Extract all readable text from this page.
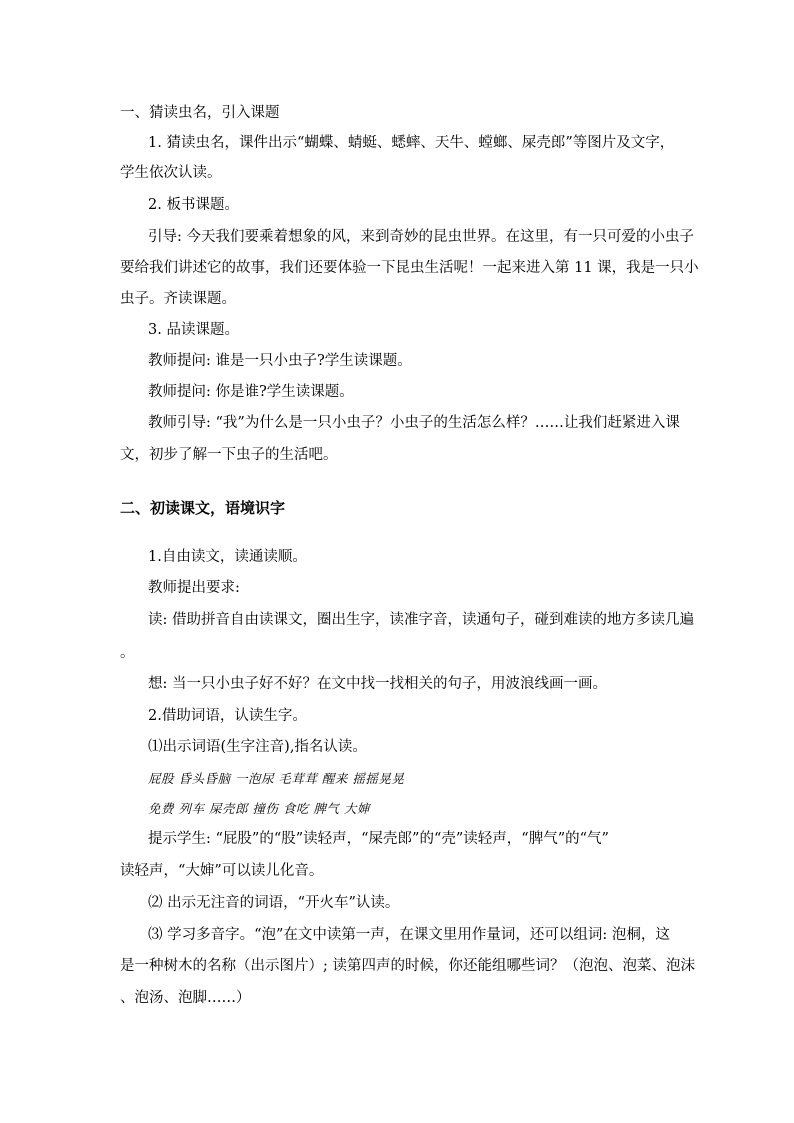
一、猜读虫名，引入课题
1. 猜读虫名，课件出示“蝴蝶、蜻蜓、蟋蟀、天牛、螳螂、屎壳郎”等图片及文字，
学生依次认读。
2. 板书课题。
引导: 今天我们要乘着想象的风，来到奇妙的昆虫世界。在这里，有一只可爱的小虫子
要给我们讲述它的故事，我们还要体验一下昆虫生活呢！一起来进入第 11 课，我是一只小
虫子。齐读课题。
3. 品读课题。
教师提问: 谁是一只小虫子?学生读课题。
教师提问: 你是谁?学生读课题。
教师引导: “我”为什么是一只小虫子？小虫子的生活怎么样？……让我们赶紧进入课
文，初步了解一下虫子的生活吧。
二、初读课文，语境识字
1.自由读文，读通读顺。
教师提出要求:
读: 借助拼音自由读课文，圈出生字，读准字音，读通句子，碰到难读的地方多读几遍
。
想: 当一只小虫子好不好？在文中找一找相关的句子，用波浪线画一画。
2.借助词语，认读生字。
⑴出示词语(生字注音),指名认读。
屁股 昏头昏脑 一泡尿 毛茸茸 醒来 摇摇晃晃
免费 列车 屎壳郎 撞伤 食吃 脾气 大婶
提示学生: “屁股”的“股”读轻声，“屎壳郎”的“壳”读轻声，“脾气”的“气”
读轻声，“大婶”可以读儿化音。
⑵ 出示无注音的词语，“开火车”认读。
⑶ 学习多音字。“泡”在文中读第一声，在课文里用作量词，还可以组词: 泡桐，这
是一种树木的名称（出示图片）; 读第四声的时候，你还能组哪些词？（泡泡、泡菜、泡沫
、泡汤、泡脚……）
